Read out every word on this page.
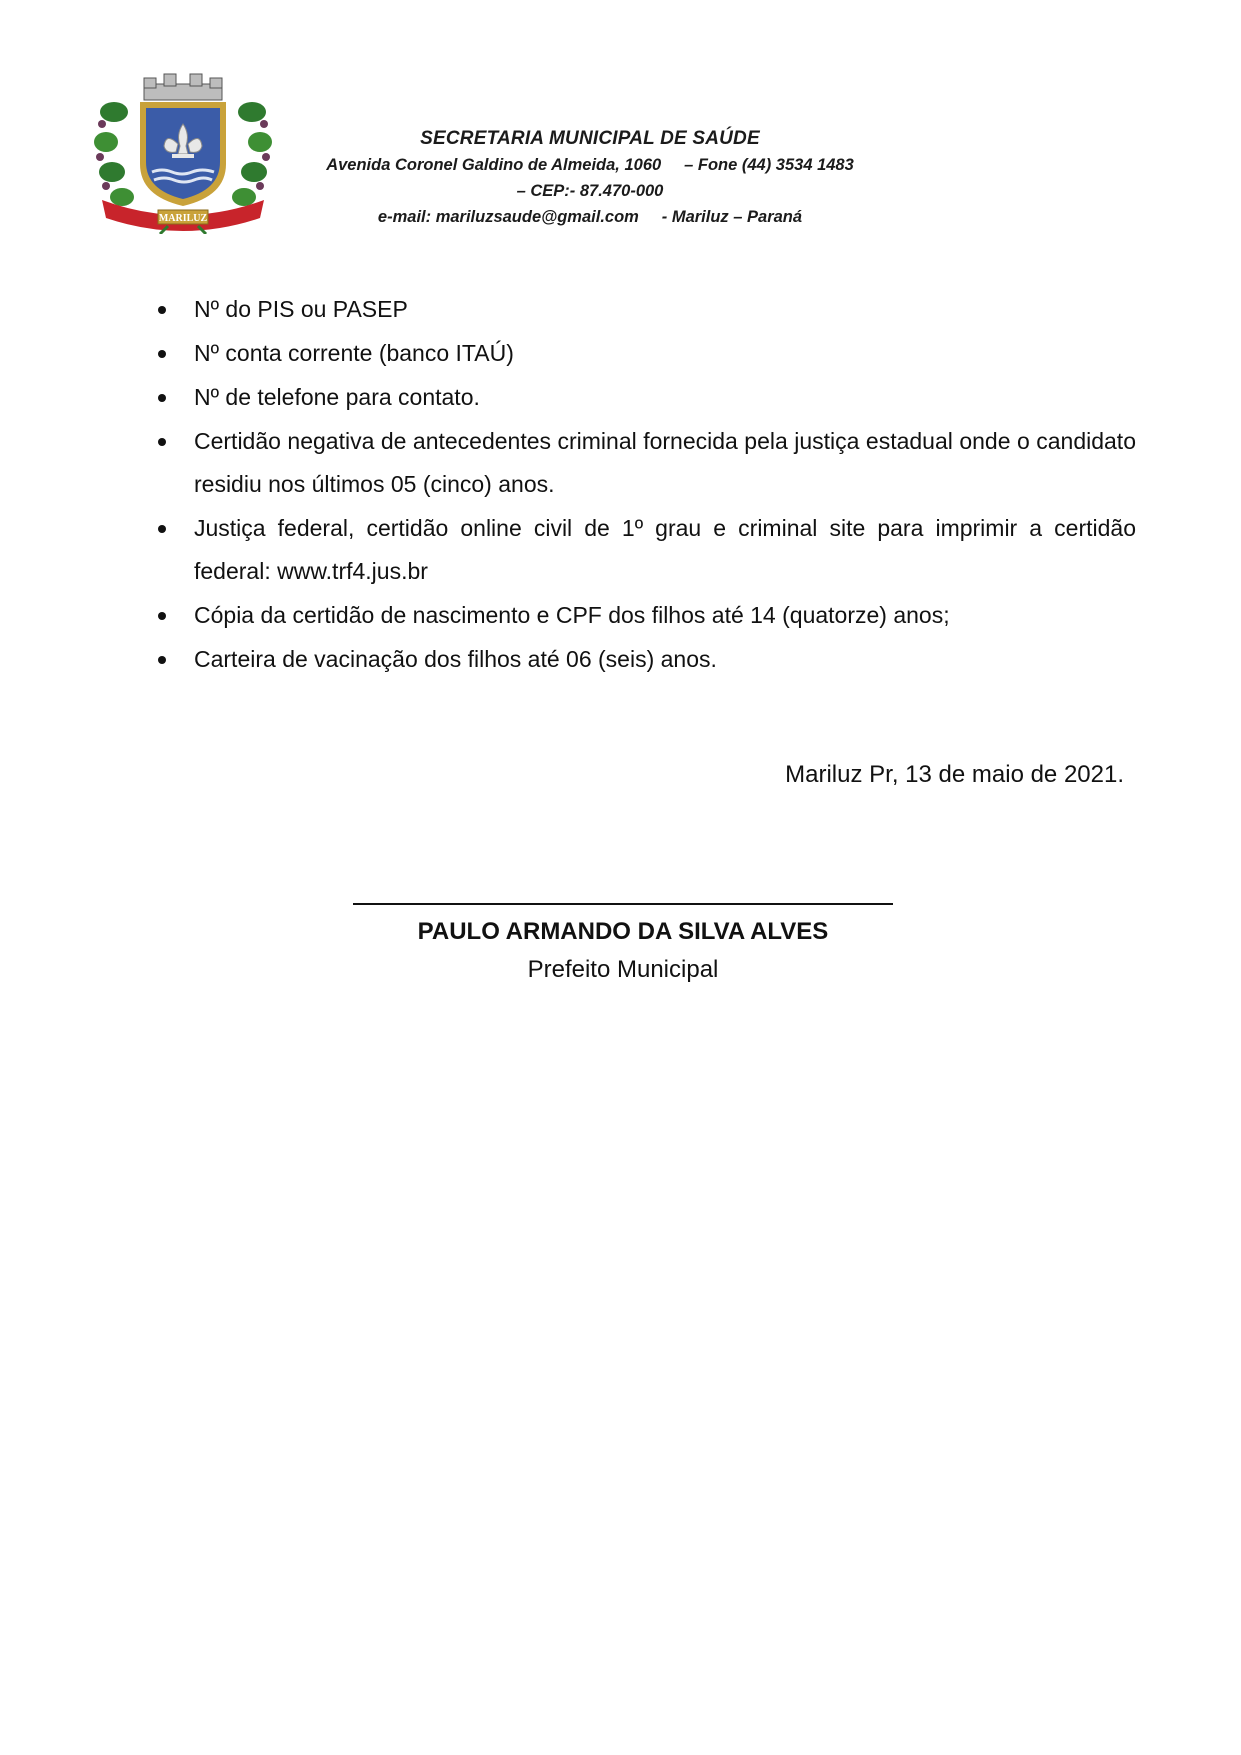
MARILUZ
SECRETARIA MUNICIPAL DE SAÚDE
Avenida Coronel Galdino de Almeida, 1060     – Fone (44) 3534 1483
– CEP:- 87.470-000
e-mail: mariluzsaude@gmail.com     - Mariluz – Paraná
Nº do PIS ou PASEP
Nº conta corrente (banco ITAÚ)
Nº de telefone para contato.
Certidão negativa de antecedentes criminal fornecida pela justiça estadual onde o candidato residiu nos últimos 05 (cinco) anos.
Justiça federal, certidão online civil de 1º grau e criminal site para imprimir a certidão federal: www.trf4.jus.br
Cópia da certidão de nascimento e CPF dos filhos até 14 (quatorze) anos;
Carteira de vacinação dos filhos até 06 (seis) anos.
Mariluz Pr, 13 de maio de 2021.
PAULO ARMANDO DA SILVA ALVES
Prefeito Municipal
